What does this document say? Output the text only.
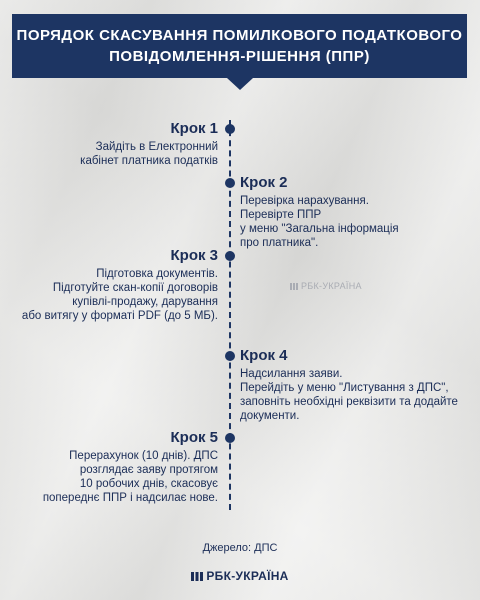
ПОРЯДОК СКАСУВАННЯ ПОМИЛКОВОГО ПОДАТКОВОГО
ПОВІДОМЛЕННЯ-РІШЕННЯ (ППР)
Крок 1
Зайдіть в Електронний
кабінет платника податків
Крок 2
Перевірка нарахування.
Перевірте ППР
у меню "Загальна інформація
про платника".
Крок 3
Підготовка документів.
Підготуйте скан-копії договорів
купівлі-продажу, дарування
або витягу у форматі PDF (до 5 МБ).
Крок 4
Надсилання заяви.
Перейдіть у меню "Листування з ДПС",
заповніть необхідні реквізити та додайте
документи.
Крок 5
Перерахунок (10 днів). ДПС
розглядає заяву протягом
10 робочих днів, скасовує
попереднє ППР і надсилає нове.
РБК-УКРАЇНА
Джерело: ДПС
РБК-УКРАЇНА
